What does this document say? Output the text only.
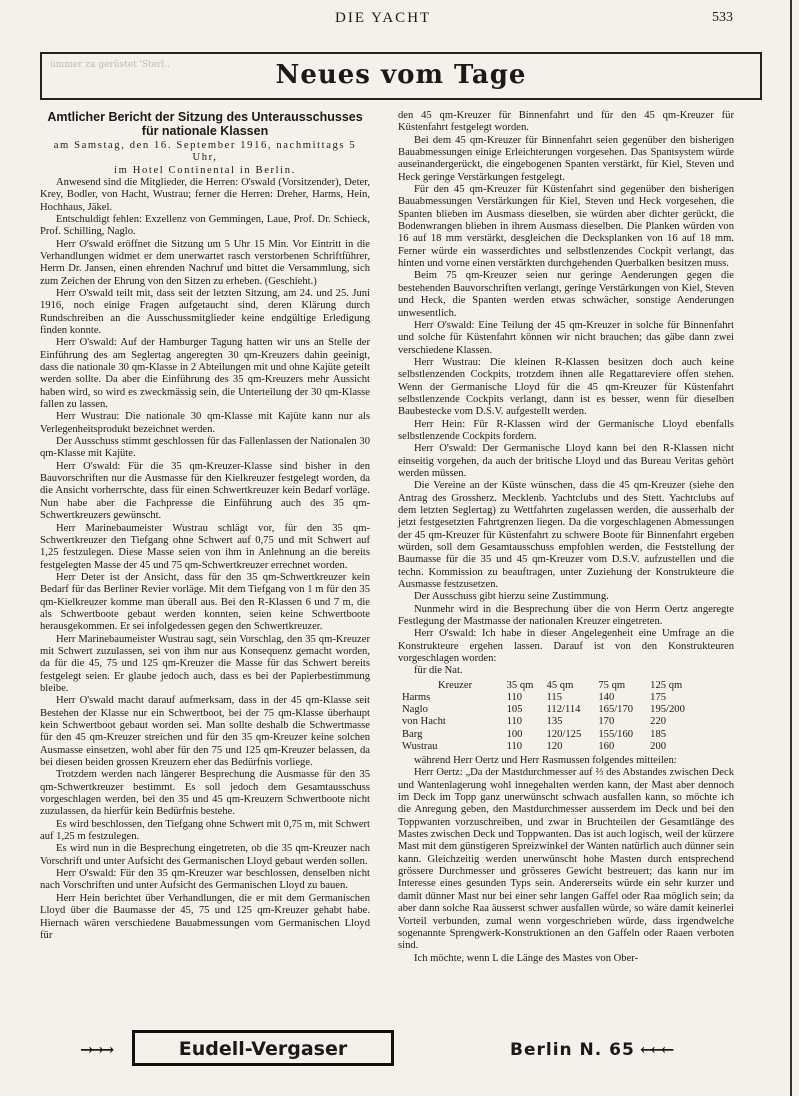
DIE YACHT	533
ümmer za gerüstet 'Sterl..	Neues vom Tage
Amtlicher Bericht der Sitzung des Unterausschusses für nationale Klassen
am Samstag, den 16. September 1916, nachmittags 5 Uhr,
im Hotel Continental in Berlin.

Anwesend sind die Mitglieder, die Herren: O'swald (Vorsitzender), Deter, Krey, Bodler, von Hacht, Wustrau; ferner die Herren: Dreher, Harms, Hein, Hochhaus, Jäkel.

Entschuldigt fehlen: Exzellenz von Gemmingen, Laue, Prof. Dr. Schieck, Prof. Schilling, Naglo.

Herr O'swald eröffnet die Sitzung um 5 Uhr 15 Min. Vor Eintritt in die Verhandlungen widmet er dem unerwartet rasch verstorbenen Schriftführer, Herrn Dr. Jansen, einen ehrenden Nachruf und bittet die Versammlung, sich zum Zeichen der Ehrung von den Sitzen zu erheben. (Geschieht.)

Herr O'swald teilt mit, dass seit der letzten Sitzung, am 24. und 25. Juni 1916, noch einige Fragen aufgetaucht sind, deren Klärung durch Rundschreiben an die Ausschussmitglieder keine endgültige Erledigung finden konnte.

Herr O'swald: Auf der Hamburger Tagung hatten wir uns an Stelle der Einführung des am Seglertag angeregten 30 qm-Kreuzers dahin geeinigt, dass die nationale 30 qm-Klasse in 2 Abteilungen mit und ohne Kajüte geteilt werden sollte. Da aber die Einführung des 35 qm-Kreuzers mehr Aussicht haben wird, so wird es zweckmässig sein, die Unterteilung der 30 qm-Klasse fallen zu lassen.

Herr Wustrau: Die nationale 30 qm-Klasse mit Kajüte kann nur als Verlegenheitsprodukt bezeichnet werden.

Der Ausschuss stimmt geschlossen für das Fallenlassen der Nationalen 30 qm-Klasse mit Kajüte.

Herr O'swald: Für die 35 qm-Kreuzer-Klasse sind bisher in den Bauvorschriften nur die Ausmasse für den Kielkreuzer festgelegt worden, da die Ansicht vorherrschte, dass für einen Schwertkreuzer kein Bedarf vorläge. Nun habe aber die Fachpresse die Einführung auch des 35 qm-Schwertkreuzers gewünscht.

Herr Marinebaumeister Wustrau schlägt vor, für den 35 qm-Schwertkreuzer den Tiefgang ohne Schwert auf 0,75 und mit Schwert auf 1,25 festzulegen. Diese Masse seien von ihm in Anlehnung an die bereits festgelegten Masse der 45 und 75 qm-Schwertkreuzer errechnet worden.

Herr Deter ist der Ansicht, dass für den 35 qm-Schwertkreuzer kein Bedarf für das Berliner Revier vorläge. Mit dem Tiefgang von 1 m für den 35 qm-Kielkreuzer komme man überall aus. Bei den R-Klassen 6 und 7 m, die als Schwertboote gebaut werden konnten, seien keine Schwertboote herausgekommen. Er sei infolgedessen gegen den Schwertkreuzer.

Herr Marinebaumeister Wustrau sagt, sein Vorschlag, den 35 qm-Kreuzer mit Schwert zuzulassen, sei von ihm nur aus Konsequenz gemacht worden, da für die 45, 75 und 125 qm-Kreuzer die Masse für das Schwert bereits festgelegt seien. Er glaube jedoch auch, dass es bei der Papierbestimmung bleibe.

Herr O'swald macht darauf aufmerksam, dass in der 45 qm-Klasse seit Bestehen der Klasse nur ein Schwertboot, bei der 75 qm-Klasse überhaupt kein Schwertboot gebaut worden sei. Man sollte deshalb die Schwertmasse für den 45 qm-Kreuzer streichen und für den 35 qm-Kreuzer keine solchen Ausmasse einsetzen, wohl aber für den 75 und 125 qm-Kreuzer belassen, da bei diesen beiden grossen Kreuzern eher das Bedürfnis vorliege.

Trotzdem werden nach längerer Besprechung die Ausmasse für den 35 qm-Schwertkreuzer bestimmt. Es soll jedoch dem Gesamtausschuss vorgeschlagen werden, bei den 35 und 45 qm-Kreuzern Schwertboote nicht zuzulassen, da hierfür kein Bedürfnis bestehe.

Es wird beschlossen, den Tiefgang ohne Schwert mit 0,75 m, mit Schwert auf 1,25 m festzulegen.

Es wird nun in die Besprechung eingetreten, ob die 35 qm-Kreuzer nach Vorschrift und unter Aufsicht des Germanischen Lloyd gebaut werden sollen.

Herr O'swald: Für den 35 qm-Kreuzer war beschlossen, denselben nicht nach Vorschriften und unter Aufsicht des Germanischen Lloyd zu bauen.

Herr Hein berichtet über Verhandlungen, die er mit dem Germanischen Lloyd über die Baumasse der 45, 75 und 125 qm-Kreuzer gehabt habe. Hiernach wären verschiedene Bauabmessungen vom Germanischen Lloyd für

den 45 qm-Kreuzer für Binnenfahrt und für den 45 qm-Kreuzer für Küstenfahrt festgelegt worden.

Bei dem 45 qm-Kreuzer für Binnenfahrt seien gegenüber den bisherigen Bauabmessungen einige Erleichterungen vorgesehen. Das Spantsystem würde auseinandergerückt, die eingebogenen Spanten verstärkt, für Kiel, Steven und Heck geringe Verstärkungen festgelegt.

Für den 45 qm-Kreuzer für Küstenfahrt sind gegenüber den bisherigen Bauabmessungen Verstärkungen für Kiel, Steven und Heck vorgesehen, die Spanten blieben im Ausmass dieselben, sie würden aber dichter gerückt, die Bodenwrangen blieben in ihrem Ausmass dieselben. Die Planken würden von 16 auf 18 mm verstärkt, desgleichen die Decksplanken von 16 auf 18 mm. Ferner würde ein wasserdichtes und selbstlenzendes Cockpit verlangt, das hinten und vorne einen verstärkten durchgehenden Querbalken besitzen muss.

Beim 75 qm-Kreuzer seien nur geringe Aenderungen gegen die bestehenden Bauvorschriften verlangt, geringe Verstärkungen von Kiel, Steven und Heck, die Spanten werden etwas schwächer, sonstige Aenderungen unwesentlich.

Herr O'swald: Eine Teilung der 45 qm-Kreuzer in solche für Binnenfahrt und solche für Küstenfahrt können wir nicht brauchen; das gäbe dann zwei verschiedene Klassen.

Herr Wustrau: Die kleinen R-Klassen besitzen doch auch keine selbstlenzenden Cockpits, trotzdem ihnen alle Regattareviere offen stehen. Wenn der Germanische Lloyd für die 45 qm-Kreuzer für Küstenfahrt selbstlenzende Cockpits verlangt, dann ist es besser, wenn für dieselben Baubestecke vom D.S.V. aufgestellt werden.

Herr Hein: Für R-Klassen wird der Germanische Lloyd ebenfalls selbstlenzende Cockpits fordern.

Herr O'swald: Der Germanische Lloyd kann bei den R-Klassen nicht einseitig vorgehen, da auch der britische Lloyd und das Bureau Veritas gehört werden müssen.

Die Vereine an der Küste wünschen, dass die 45 qm-Kreuzer (siehe den Antrag des Grossherz. Mecklenb. Yachtclubs und des Stett. Yachtclubs auf dem letzten Seglertag) zu Wettfahrten zugelassen werden, die ausserhalb der jetzt festgesetzten Fahrtgrenzen liegen. Da die vorgeschlagenen Abmessungen der 45 qm-Kreuzer für Küstenfahrt zu schwere Boote für Binnenfahrt ergeben würden, soll dem Gesamtausschuss empfohlen werden, die Feststellung der Baumasse für die 35 und 45 qm-Kreuzer vom D.S.V. aufzustellen und die techn. Kommission zu beauftragen, unter Zuziehung der Konstrukteure die Ausmasse festzusetzen.

Der Ausschuss gibt hierzu seine Zustimmung.

Nunmehr wird in die Besprechung über die von Herrn Oertz angeregte Festlegung der Mastmasse der nationalen Kreuzer eingetreten.

Herr O'swald: Ich habe in dieser Angelegenheit eine Umfrage an die Konstrukteure ergehen lassen. Darauf ist von den Konstrukteuren vorgeschlagen worden:

für die Nat.
Kreuzer	35 qm	45 qm	75 qm	125 qm
Harms	110	115	140	175
Naglo	105	112/114	165/170	195/200
von Hacht	110	135	170	220
Barg	100	120/125	155/160	185
Wustrau	110	120	160	200

während Herr Oertz und Herr Rasmussen folgendes mitteilen:

Herr Oertz: „Da der Mastdurchmesser auf ⅔ des Abstandes zwischen Deck und Wantenlagerung wohl innegehalten werden kann, der Mast aber dennoch im Deck im Topp ganz unerwünscht schwach ausfallen kann, so möchte ich die Anregung geben, den Mastdurchmesser ausserdem im Deck und bei den Toppwanten vorzuschreiben, und zwar in Bruchteilen der Gesamtlänge des Mastes zwischen Deck und Toppwanten. Das ist auch logisch, weil der kürzere Mast mit dem günstigeren Spreizwinkel der Wanten natürlich auch dünner sein kann. Gleichzeitig werden unerwünscht hohe Masten durch entsprechend grössere Durchmesser und grösseres Gewicht bestreuert; das kann nur im Interesse eines gesunden Typs sein. Andererseits würde ein sehr kurzer und damit dünner Mast nur bei einer sehr langen Gaffel oder Raa möglich sein; da aber dann solche Raa äusserst schwer ausfallen würde, so wäre damit keinerlei Vorteil verbunden, zumal wenn vorgeschrieben würde, dass irgendwelche sogenannte Sprengwerk-Konstruktionen an den Gaffeln oder Raaen verboten sind.

Ich möchte, wenn L die Länge des Mastes von Ober-

→→→	Eudell-Vergaser	Berlin N. 65 ←←←
